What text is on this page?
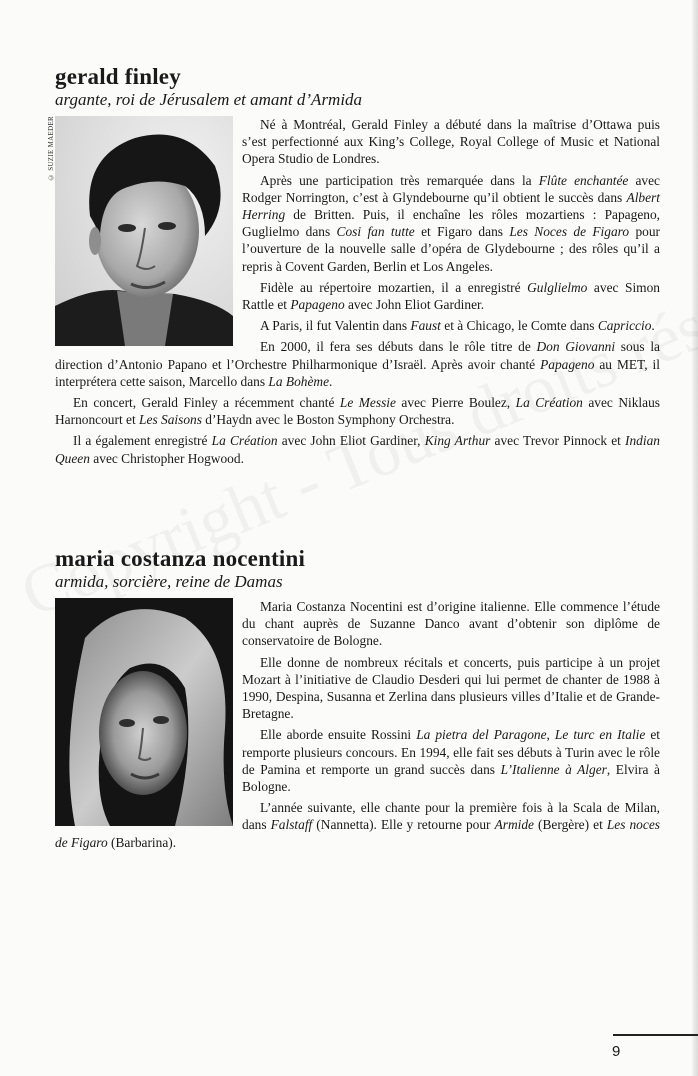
gerald finley
argante, roi de Jérusalem et amant d’Armida
© SUZIE MAEDER	Né à Montréal, Gerald Finley a débuté dans la maîtrise d’Ottawa puis s’est perfectionné aux King’s College, Royal College of Music et National Opera Studio de Londres.

Après une participation très remarquée dans la Flûte enchantée avec Rodger Norrington, c’est à Glyndebourne qu’il obtient le succès dans Albert Herring de Britten. Puis, il enchaîne les rôles mozartiens : Papageno, Guglielmo dans Cosi fan tutte et Figaro dans Les Noces de Figaro pour l’ouverture de la nouvelle salle d’opéra de Glydebourne ; des rôles qu’il a repris à Covent Garden, Berlin et Los Angeles.

Fidèle au répertoire mozartien, il a enregistré Gulglielmo avec Simon Rattle et Papageno avec John Eliot Gardiner.

A Paris, il fut Valentin dans Faust et à Chicago, le Comte dans Capriccio.

En 2000, il fera ses débuts dans le rôle titre de Don Giovanni sous la direction d’Antonio Papano et l’Orchestre Philharmonique d’Israël. Après avoir chanté Papageno au MET, il interprétera cette saison, Marcello dans La Bohème.

En concert, Gerald Finley a récemment chanté Le Messie avec Pierre Boulez, La Création avec Niklaus Harnoncourt et Les Saisons d’Haydn avec le Boston Symphony Orchestra.

Il a également enregistré La Création avec John Eliot Gardiner, King Arthur avec Trevor Pinnock et Indian Queen avec Christopher Hogwood.

maria costanza nocentini
armida, sorcière, reine de Damas

Maria Costanza Nocentini est d’origine italienne. Elle commence l’étude du chant auprès de Suzanne Danco avant d’obtenir son diplôme de conservatoire de Bologne.

Elle donne de nombreux récitals et concerts, puis participe à un projet Mozart à l’initiative de Claudio Desderi qui lui permet de chanter de 1988 à 1990, Despina, Susanna et Zerlina dans plusieurs villes d’Italie et de Grande-Bretagne.

Elle aborde ensuite Rossini La pietra del Paragone, Le turc en Italie et remporte plusieurs concours. En 1994, elle fait ses débuts à Turin avec le rôle de Pamina et remporte un grand succès dans L’Italienne à Alger, Elvira à Bologne.

L’année suivante, elle chante pour la première fois à la Scala de Milan, dans Falstaff (Nannetta). Elle y retourne pour Armide (Bergère) et Les noces de Figaro (Barbarina).

9
